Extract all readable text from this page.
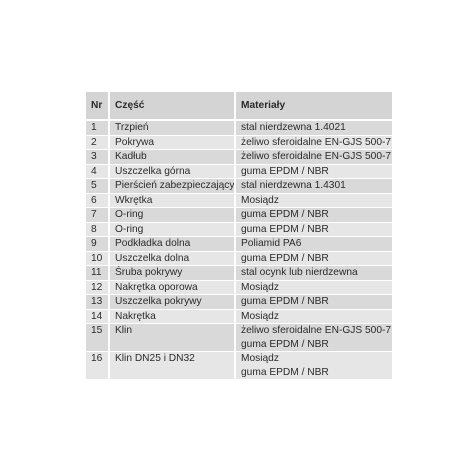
Nr	Część	Materiały
1	Trzpień	stal nierdzewna 1.4021

2	Pokrywa	żeliwo sferoidalne EN-GJS 500-7

3	Kadłub	żeliwo sferoidalne EN-GJS 500-7

4	Uszczelka górna	guma EPDM / NBR

5	Pierścień zabezpieczający	stal nierdzewna 1.4301

6	Wkrętka	Mosiądz

7	O-ring	guma EPDM / NBR

8	O-ring	guma EPDM / NBR

9	Podkładka dolna	Poliamid PA6

10	Uszczelka dolna	guma EPDM / NBR

11	Śruba pokrywy	stal ocynk lub nierdzewna

12	Nakrętka oporowa	Mosiądz

13	Uszczelka pokrywy	guma EPDM / NBR

14	Nakrętka	Mosiądz

15	Klin	żeliwo sferoidalne EN-GJS 500-7
guma EPDM / NBR

16	Klin DN25 i DN32	Mosiądz
guma EPDM / NBR
